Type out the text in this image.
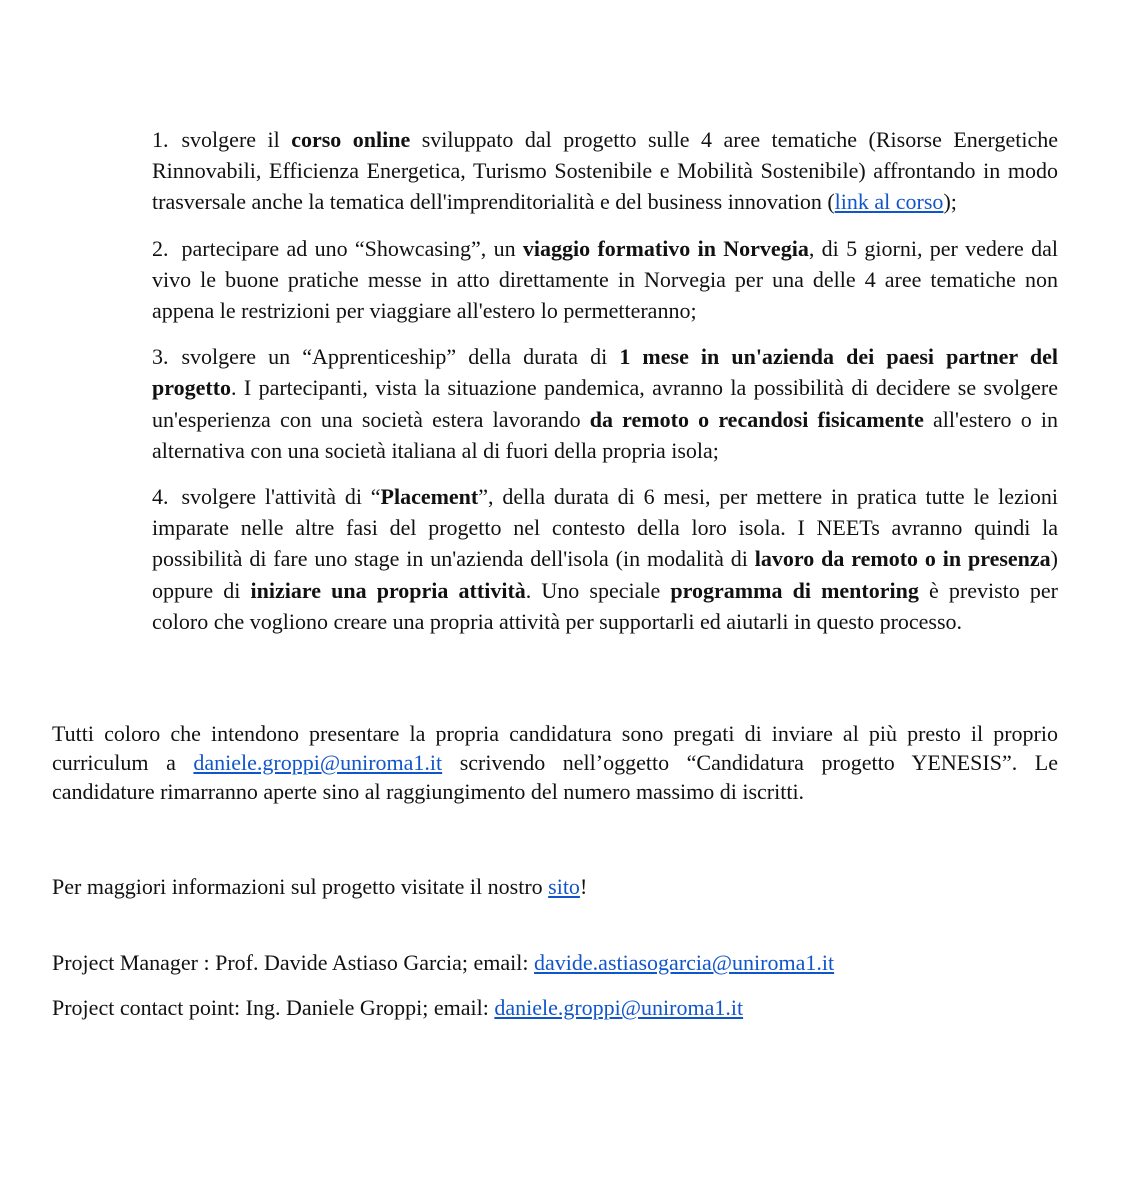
1. svolgere il corso online sviluppato dal progetto sulle 4 aree tematiche (Risorse Energetiche Rinnovabili, Efficienza Energetica, Turismo Sostenibile e Mobilità Sostenibile) affrontando in modo trasversale anche la tematica dell'imprenditorialità e del business innovation (link al corso);

2. partecipare ad uno “Showcasing”, un viaggio formativo in Norvegia, di 5 giorni, per vedere dal vivo le buone pratiche messe in atto direttamente in Norvegia per una delle 4 aree tematiche non appena le restrizioni per viaggiare all'estero lo permetteranno;

3. svolgere un “Apprenticeship” della durata di 1 mese in un'azienda dei paesi partner del progetto. I partecipanti, vista la situazione pandemica, avranno la possibilità di decidere se svolgere un'esperienza con una società estera lavorando da remoto o recandosi fisicamente all'estero o in alternativa con una società italiana al di fuori della propria isola;

4. svolgere l'attività di “Placement”, della durata di 6 mesi, per mettere in pratica tutte le lezioni imparate nelle altre fasi del progetto nel contesto della loro isola. I NEETs avranno quindi la possibilità di fare uno stage in un'azienda dell'isola (in modalità di lavoro da remoto o in presenza) oppure di iniziare una propria attività. Uno speciale programma di mentoring è previsto per coloro che vogliono creare una propria attività per supportarli ed aiutarli in questo processo.

Tutti coloro che intendono presentare la propria candidatura sono pregati di inviare al più presto il proprio curriculum a daniele.groppi@uniroma1.it scrivendo nell’oggetto “Candidatura progetto YENESIS”. Le candidature rimarranno aperte sino al raggiungimento del numero massimo di iscritti.

Per maggiori informazioni sul progetto visitate il nostro sito!

Project Manager : Prof. Davide Astiaso Garcia; email: davide.astiasogarcia@uniroma1.it

Project contact point: Ing. Daniele Groppi; email: daniele.groppi@uniroma1.it
